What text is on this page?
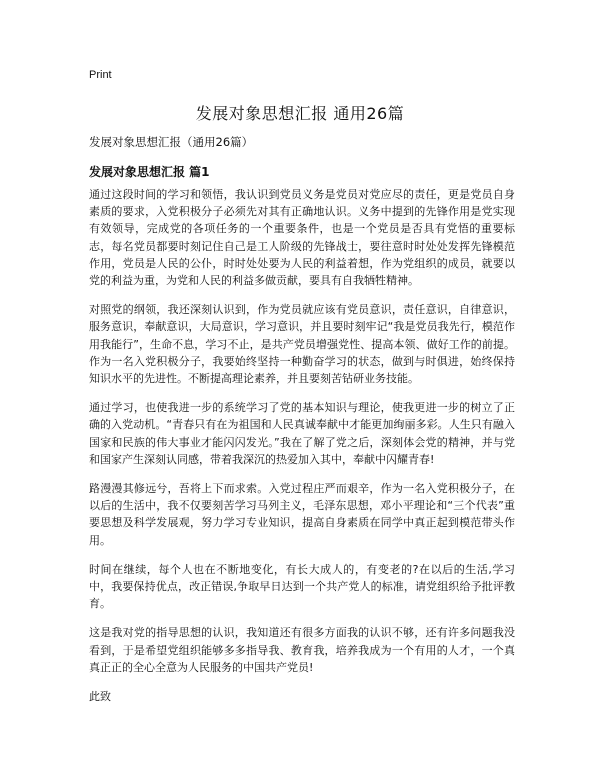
Print
发展对象思想汇报 通用26篇

发展对象思想汇报（通用26篇）

发展对象思想汇报 篇1

通过这段时间的学习和领悟，我认识到党员义务是党员对党应尽的责任，更是党员自身素质的要求，入党积极分子必须先对其有正确地认识。义务中提到的先锋作用是党实现有效领导，完成党的各项任务的一个重要条件，也是一个党员是否具有党悟的重要标志，每名党员都要时刻记住自己是工人阶级的先锋战士，要往意时时处处发挥先锋模范作用，党员是人民的公仆，时时处处要为人民的利益着想，作为党组织的成员，就要以党的利益为重，为党和人民的利益多做贡献，要具有自我牺牲精神。

对照党的纲领，我还深刻认识到，作为党员就应该有党员意识，责任意识，自律意识，服务意识，奉献意识，大局意识，学习意识，并且要时刻牢记“我是党员我先行，模范作用我能行”，生命不息，学习不止，是共产党员增强党性、提高本领、做好工作的前提。作为一名入党积极分子，我要始终坚持一种勤奋学习的状态，做到与时俱进，始终保持知识水平的先进性。不断提高理论素养，并且要刻苦钻研业务技能。

通过学习，也使我进一步的系统学习了党的基本知识与理论，使我更进一步的树立了正确的入党动机。“青春只有在为祖国和人民真诚奉献中才能更加绚丽多彩。人生只有融入国家和民族的伟大事业才能闪闪发光。”我在了解了党之后，深刻体会党的精神，并与党和国家产生深刻认同感，带着我深沉的热爱加入其中，奉献中闪耀青春!

路漫漫其修远兮，吾将上下而求索。入党过程庄严而艰辛，作为一名入党积极分子，在以后的生活中，我不仅要刻苦学习马列主义，毛泽东思想，邓小平理论和“三个代表”重要思想及科学发展观，努力学习专业知识，提高自身素质在同学中真正起到模范带头作用。

时间在继续，每个人也在不断地变化，有长大成人的，有变老的?在以后的生活,学习中，我要保持优点，改正错误,争取早日达到一个共产党人的标准，请党组织给予批评教育。

这是我对党的指导思想的认识，我知道还有很多方面我的认识不够，还有许多问题我没看到，于是希望党组织能够多多指导我、教育我，培养我成为一个有用的人才，一个真真正正的全心全意为人民服务的中国共产党员!

此致
